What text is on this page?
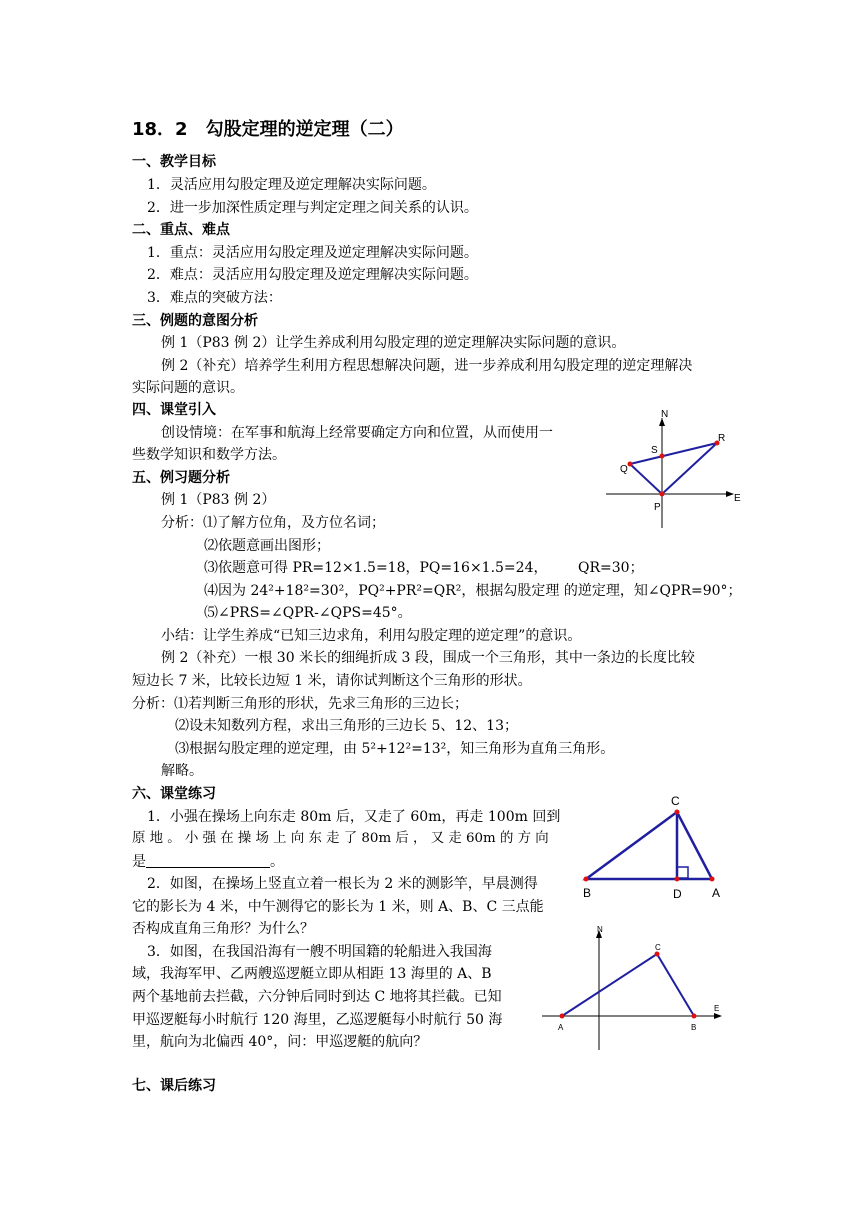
18．2　勾股定理的逆定理（二）
一、教学目标
1．灵活应用勾股定理及逆定理解决实际问题。
2．进一步加深性质定理与判定定理之间关系的认识。
二、重点、难点
1．重点：灵活应用勾股定理及逆定理解决实际问题。
2．难点：灵活应用勾股定理及逆定理解决实际问题。
3．难点的突破方法：
三、例题的意图分析
例 1（P83 例 2）让学生养成利用勾股定理的逆定理解决实际问题的意识。
例 2（补充）培养学生利用方程思想解决问题，进一步养成利用勾股定理的逆定理解决
实际问题的意识。
四、课堂引入
创设情境：在军事和航海上经常要确定方向和位置，从而使用一
些数学知识和数学方法。
五、例习题分析
例 1（P83 例 2）
分析：⑴了解方位角，及方位名词；
⑵依题意画出图形；
⑶依题意可得 PR=12×1.5=18，PQ=16×1.5=24， QR=30；
⑷因为 24²+18²=30²，PQ²+PR²=QR²，根据勾股定理 的逆定理，知∠QPR=90°；
⑸∠PRS=∠QPR-∠QPS=45°。
小结：让学生养成“已知三边求角，利用勾股定理的逆定理”的意识。
例 2（补充）一根 30 米长的细绳折成 3 段，围成一个三角形，其中一条边的长度比较
短边长 7 米，比较长边短 1 米，请你试判断这个三角形的形状。
分析：⑴若判断三角形的形状，先求三角形的三边长；
⑵设未知数列方程，求出三角形的三边长 5、12、13；
⑶根据勾股定理的逆定理，由 5²+12²=13²，知三角形为直角三角形。
解略。
六、课堂练习
1．小强在操场上向东走 80m 后，又走了 60m，再走 100m 回到
原 地 。 小 强 在 操 场 上 向 东 走 了 80m 后 ， 又 走 60m 的 方 向
是	。
2．如图，在操场上竖直立着一根长为 2 米的测影竿，早晨测得
它的影长为 4 米，中午测得它的影长为 1 米，则 A、B、C 三点能
否构成直角三角形？为什么？
3．如图，在我国沿海有一艘不明国籍的轮船进入我国海
域，我海军甲、乙两艘巡逻艇立即从相距 13 海里的 A、B
两个基地前去拦截，六分钟后同时到达 C 地将其拦截。已知
甲巡逻艇每小时航行 120 海里，乙巡逻艇每小时航行 50 海
里，航向为北偏西 40°，问：甲巡逻艇的航向？
七、课后练习
N
R
S
Q
E
P
C
B	D	A
N
C
E
A	B
